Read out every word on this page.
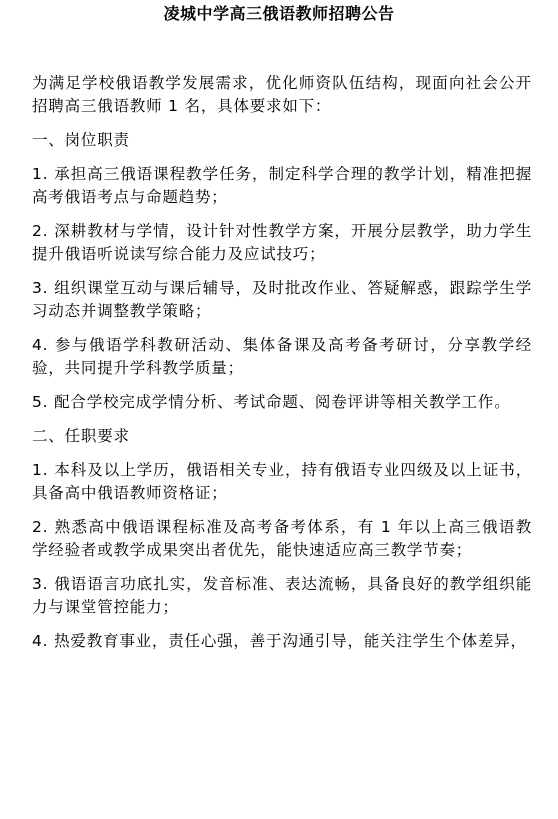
凌城中学高三俄语教师招聘公告

为满足学校俄语教学发展需求，优化师资队伍结构，现面向社会公开招聘高三俄语教师 1 名，具体要求如下：

一、岗位职责

1. 承担高三俄语课程教学任务，制定科学合理的教学计划，精准把握高考俄语考点与命题趋势；

2. 深耕教材与学情，设计针对性教学方案，开展分层教学，助力学生提升俄语听说读写综合能力及应试技巧；

3. 组织课堂互动与课后辅导，及时批改作业、答疑解惑，跟踪学生学习动态并调整教学策略；

4. 参与俄语学科教研活动、集体备课及高考备考研讨，分享教学经验，共同提升学科教学质量；

5. 配合学校完成学情分析、考试命题、阅卷评讲等相关教学工作。

二、任职要求

1. 本科及以上学历，俄语相关专业，持有俄语专业四级及以上证书，具备高中俄语教师资格证；

2. 熟悉高中俄语课程标准及高考备考体系，有 1 年以上高三俄语教学经验者或教学成果突出者优先，能快速适应高三教学节奏；

3. 俄语语言功底扎实，发音标准、表达流畅，具备良好的教学组织能力与课堂管控能力；

4. 热爱教育事业，责任心强，善于沟通引导，能关注学生个体差异，
